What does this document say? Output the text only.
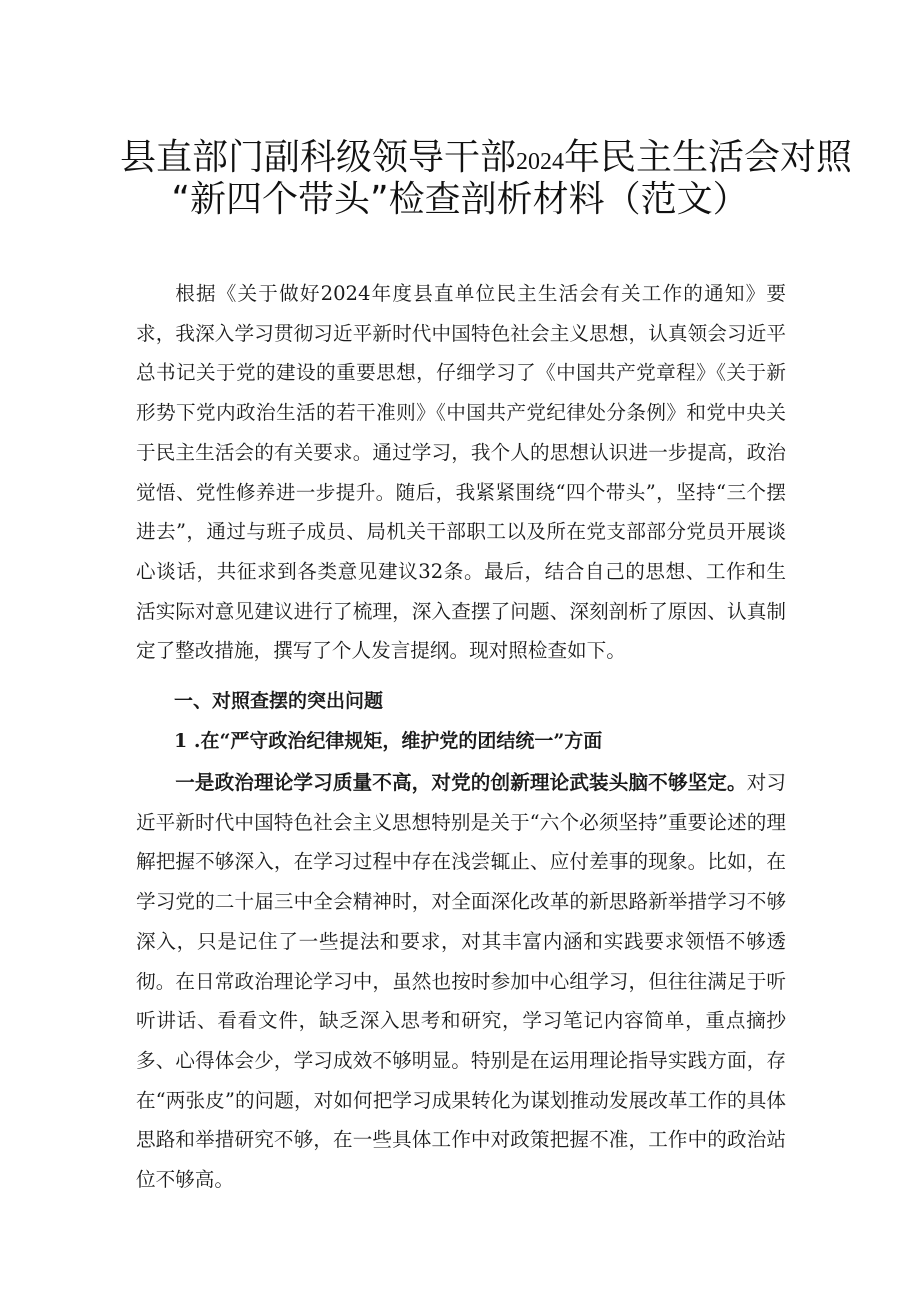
县直部门副科级领导干部2024年民主生活会对照
“新四个带头”检查剖析材料（范文）

根据《关于做好2024年度县直单位民主生活会有关工作的通知》要求，我深入学习贯彻习近平新时代中国特色社会主义思想，认真领会习近平总书记关于党的建设的重要思想，仔细学习了《中国共产党章程》《关于新形势下党内政治生活的若干准则》《中国共产党纪律处分条例》和党中央关于民主生活会的有关要求。通过学习，我个人的思想认识进一步提高，政治觉悟、党性修养进一步提升。随后，我紧紧围绕“四个带头”，坚持“三个摆进去”，通过与班子成员、局机关干部职工以及所在党支部部分党员开展谈心谈话，共征求到各类意见建议32条。最后，结合自己的思想、工作和生活实际对意见建议进行了梳理，深入查摆了问题、深刻剖析了原因、认真制定了整改措施，撰写了个人发言提纲。现对照检查如下。

一、对照查摆的突出问题

1 .在“严守政治纪律规矩，维护党的团结统一”方面

一是政治理论学习质量不高，对党的创新理论武装头脑不够坚定。对习近平新时代中国特色社会主义思想特别是关于“六个必须坚持”重要论述的理解把握不够深入，在学习过程中存在浅尝辄止、应付差事的现象。比如，在学习党的二十届三中全会精神时，对全面深化改革的新思路新举措学习不够深入，只是记住了一些提法和要求，对其丰富内涵和实践要求领悟不够透彻。在日常政治理论学习中，虽然也按时参加中心组学习，但往往满足于听听讲话、看看文件，缺乏深入思考和研究，学习笔记内容简单，重点摘抄多、心得体会少，学习成效不够明显。特别是在运用理论指导实践方面，存在“两张皮”的问题，对如何把学习成果转化为谋划推动发展改革工作的具体思路和举措研究不够，在一些具体工作中对政策把握不准，工作中的政治站位不够高。
